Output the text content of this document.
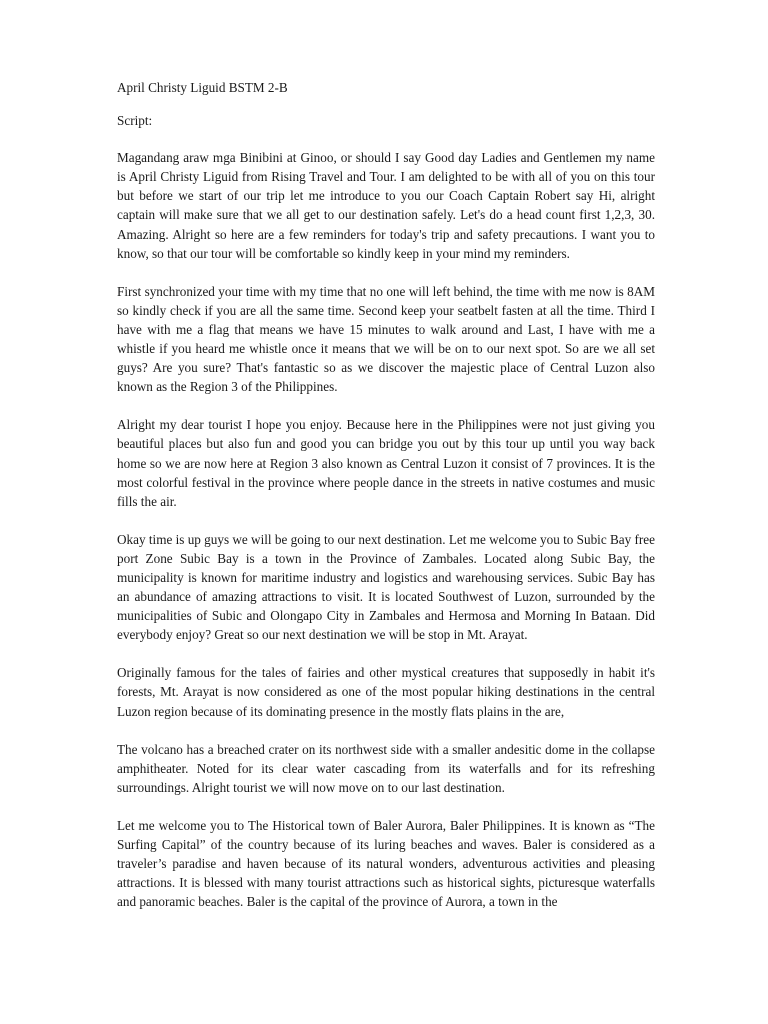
April Christy Liguid BSTM 2-B

Script:

Magandang araw mga Binibini at Ginoo, or should I say Good day Ladies and Gentlemen my name is April Christy Liguid from Rising Travel and Tour. I am delighted to be with all of you on this tour but before we start of our trip let me introduce to you our Coach Captain Robert say Hi, alright captain will make sure that we all get to our destination safely. Let's do a head count first 1,2,3, 30. Amazing. Alright so here are a few reminders for today's trip and safety precautions. I want you to know, so that our tour will be comfortable so kindly keep in your mind my reminders.

First synchronized your time with my time that no one will left behind, the time with me now is 8AM so kindly check if you are all the same time. Second keep your seatbelt fasten at all the time. Third I have with me a flag that means we have 15 minutes to walk around and Last, I have with me a whistle if you heard me whistle once it means that we will be on to our next spot. So are we all set guys? Are you sure? That's fantastic so as we discover the majestic place of Central Luzon also known as the Region 3 of the Philippines.

Alright my dear tourist I hope you enjoy. Because here in the Philippines were not just giving you beautiful places but also fun and good you can bridge you out by this tour up until you way back home so we are now here at Region 3 also known as Central Luzon it consist of 7 provinces. It is the most colorful festival in the province where people dance in the streets in native costumes and music fills the air.

Okay time is up guys we will be going to our next destination. Let me welcome you to Subic Bay free port Zone Subic Bay is a town in the Province of Zambales. Located along Subic Bay, the municipality is known for maritime industry and logistics and warehousing services. Subic Bay has an abundance of amazing attractions to visit. It is located Southwest of Luzon, surrounded by the municipalities of Subic and Olongapo City in Zambales and Hermosa and Morning In Bataan. Did everybody enjoy? Great so our next destination we will be stop in Mt. Arayat.

Originally famous for the tales of fairies and other mystical creatures that supposedly in habit it's forests, Mt. Arayat is now considered as one of the most popular hiking destinations in the central Luzon region because of its dominating presence in the mostly flats plains in the are,

The volcano has a breached crater on its northwest side with a smaller andesitic dome in the collapse amphitheater. Noted for its clear water cascading from its waterfalls and for its refreshing surroundings. Alright tourist we will now move on to our last destination.

Let me welcome you to The Historical town of Baler Aurora, Baler Philippines. It is known as “The Surfing Capital” of the country because of its luring beaches and waves. Baler is considered as a traveler’s paradise and haven because of its natural wonders, adventurous activities and pleasing attractions. It is blessed with many tourist attractions such as historical sights, picturesque waterfalls and panoramic beaches. Baler is the capital of the province of Aurora, a town in the
